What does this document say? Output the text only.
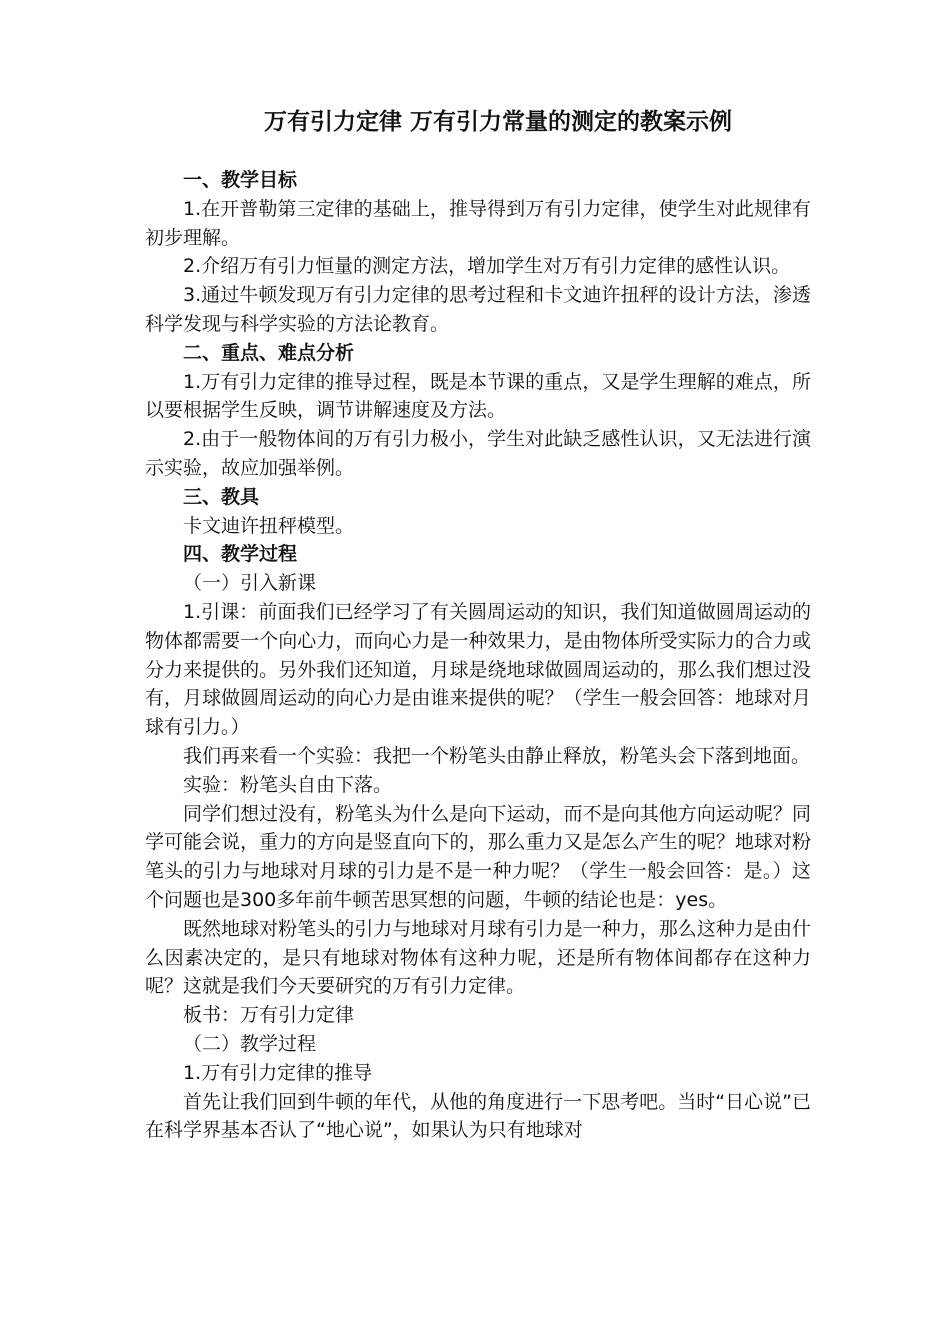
万有引力定律 万有引力常量的测定的教案示例

一、教学目标

1.在开普勒第三定律的基础上，推导得到万有引力定律，使学生对此规律有初步理解。

2.介绍万有引力恒量的测定方法，增加学生对万有引力定律的感性认识。

3.通过牛顿发现万有引力定律的思考过程和卡文迪许扭秤的设计方法，渗透科学发现与科学实验的方法论教育。

二、重点、难点分析

1.万有引力定律的推导过程，既是本节课的重点，又是学生理解的难点，所以要根据学生反映，调节讲解速度及方法。

2.由于一般物体间的万有引力极小，学生对此缺乏感性认识，又无法进行演示实验，故应加强举例。

三、教具

卡文迪许扭秤模型。

四、教学过程

（一）引入新课

1.引课：前面我们已经学习了有关圆周运动的知识，我们知道做圆周运动的物体都需要一个向心力，而向心力是一种效果力，是由物体所受实际力的合力或分力来提供的。另外我们还知道，月球是绕地球做圆周运动的，那么我们想过没有，月球做圆周运动的向心力是由谁来提供的呢？（学生一般会回答：地球对月球有引力。）

我们再来看一个实验：我把一个粉笔头由静止释放，粉笔头会下落到地面。

实验：粉笔头自由下落。

同学们想过没有，粉笔头为什么是向下运动，而不是向其他方向运动呢？同学可能会说，重力的方向是竖直向下的，那么重力又是怎么产生的呢？地球对粉笔头的引力与地球对月球的引力是不是一种力呢？（学生一般会回答：是。）这个问题也是300多年前牛顿苦思冥想的问题，牛顿的结论也是：yes。

既然地球对粉笔头的引力与地球对月球有引力是一种力，那么这种力是由什么因素决定的，是只有地球对物体有这种力呢，还是所有物体间都存在这种力呢？这就是我们今天要研究的万有引力定律。

板书：万有引力定律

（二）教学过程

1.万有引力定律的推导

首先让我们回到牛顿的年代，从他的角度进行一下思考吧。当时“日心说”已在科学界基本否认了“地心说”，如果认为只有地球对
